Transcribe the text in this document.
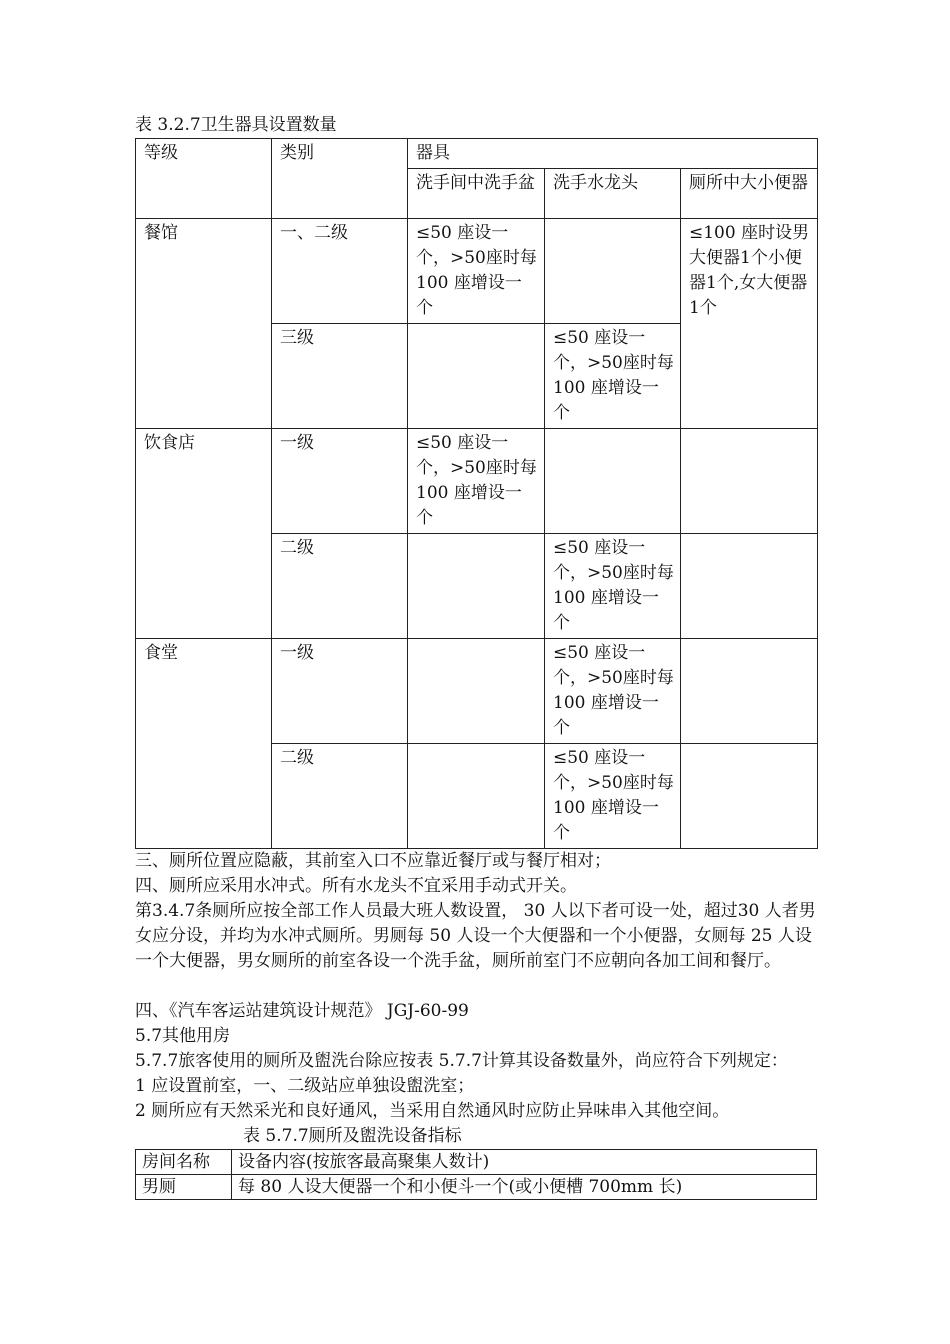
表 3.2.7卫生器具设置数量
等级	类别	器具		
		洗手间中洗手盆	洗手水龙头	厕所中大小便器
餐馆	一、二级	≤50 座设一个，>50座时每 100 座增设一个		≤100 座时设男大便器1个小便器1个,女大便器1个
	三级		≤50 座设一个，>50座时每 100 座增设一个	
饮食店	一级	≤50 座设一个，>50座时每 100 座增设一个		
	二级		≤50 座设一个，>50座时每 100 座增设一个	
食堂	一级		≤50 座设一个，>50座时每 100 座增设一个	
	二级		≤50 座设一个，>50座时每 100 座增设一个	

三、厕所位置应隐蔽，其前室入口不应靠近餐厅或与餐厅相对；

四、厕所应采用水冲式。所有水龙头不宜采用手动式开关。

第3.4.7条厕所应按全部工作人员最大班人数设置， 30 人以下者可设一处，超过30 人者男女应分设，并均为水冲式厕所。男厕每 50 人设一个大便器和一个小便器，女厕每 25 人设一个大便器，男女厕所的前室各设一个洗手盆，厕所前室门不应朝向各加工间和餐厅。

四、《汽车客运站建筑设计规范》 JGJ-60-99

5.7其他用房

5.7.7旅客使用的厕所及盥洗台除应按表 5.7.7计算其设备数量外，尚应符合下列规定：

1 应设置前室，一、二级站应单独设盥洗室；

2 厕所应有天然采光和良好通风，当采用自然通风时应防止异味串入其他空间。

表 5.7.7厕所及盥洗设备指标
房间名称	设备内容(按旅客最高聚集人数计)
男厕	每 80 人设大便器一个和小便斗一个(或小便槽 700mm 长)
